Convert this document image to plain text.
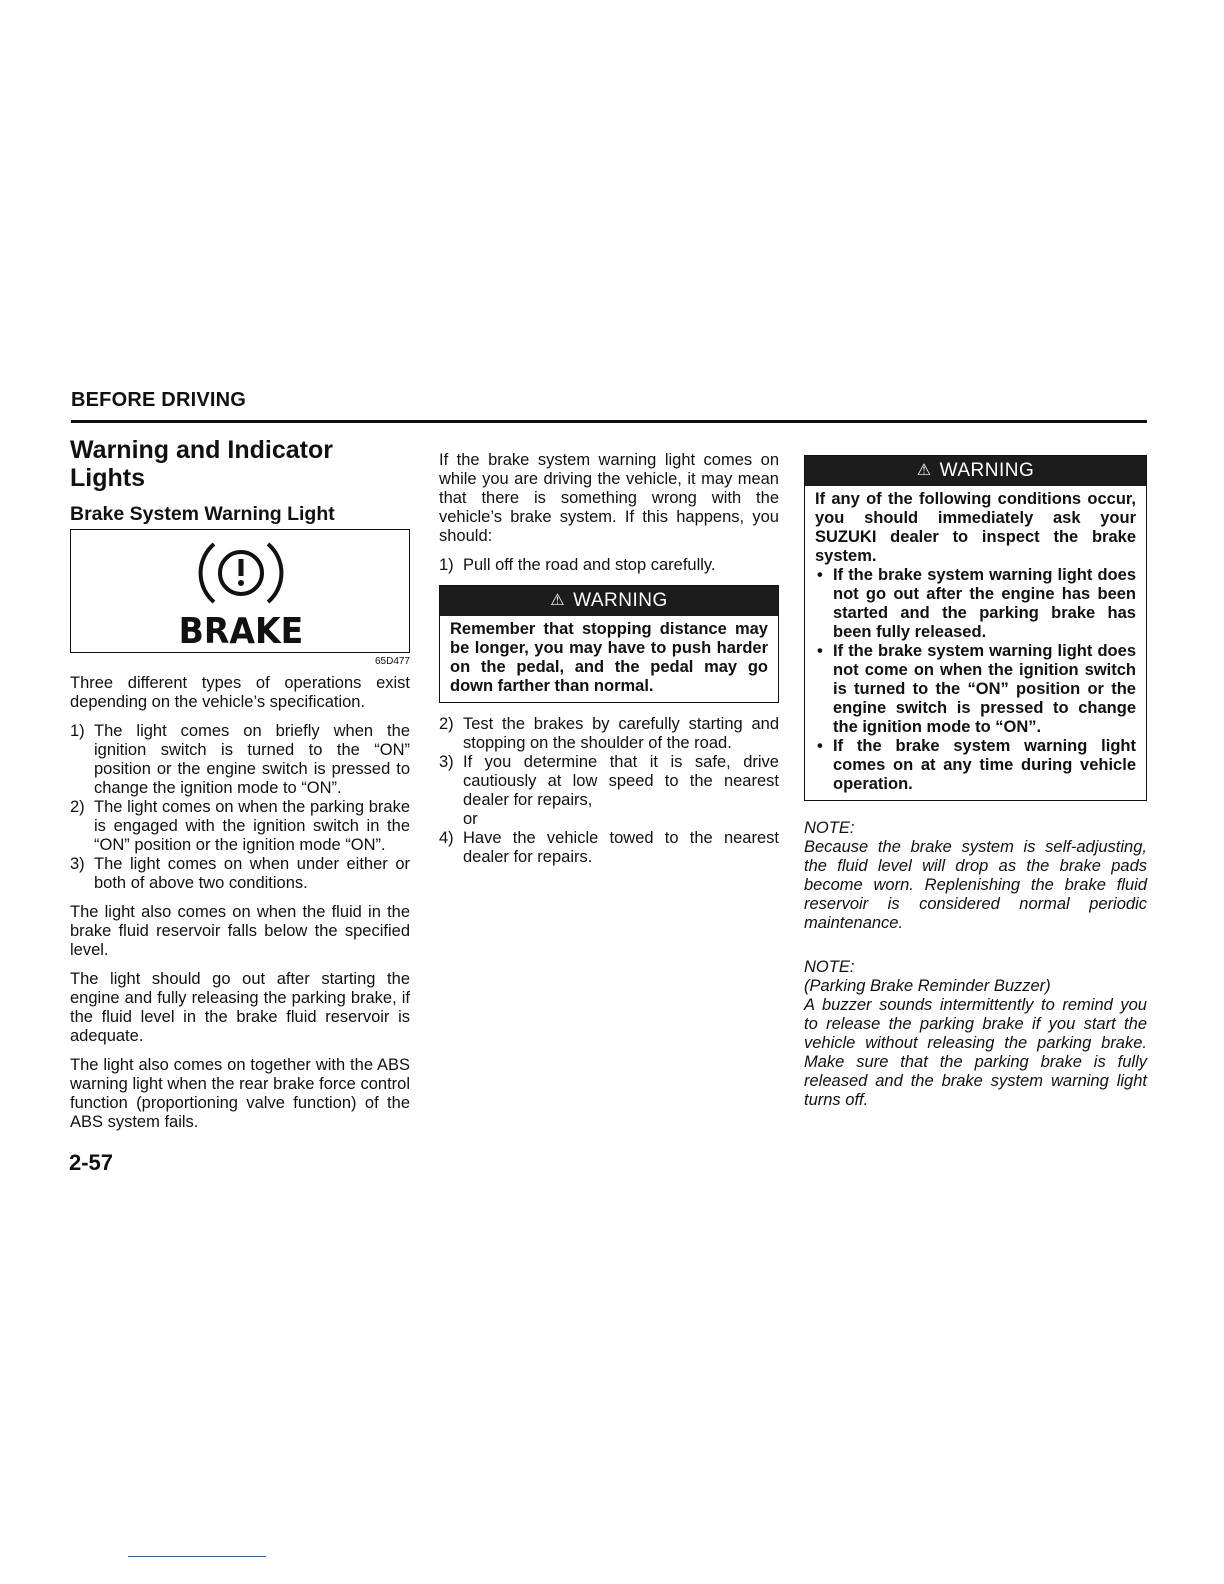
BEFORE DRIVING
Warning and Indicator Lights
Brake System Warning Light
BRAKE
65D477

Three different types of operations exist depending on the vehicle’s specification.

1) The light comes on briefly when the ignition switch is turned to the “ON” position or the engine switch is pressed to change the ignition mode to “ON”.
2) The light comes on when the parking brake is engaged with the ignition switch in the “ON” position or the ignition mode “ON”.
3) The light comes on when under either or both of above two conditions.

The light also comes on when the fluid in the brake fluid reservoir falls below the specified level.

The light should go out after starting the engine and fully releasing the parking brake, if the fluid level in the brake fluid reservoir is adequate.

The light also comes on together with the ABS warning light when the rear brake force control function (proportioning valve function) of the ABS system fails.

If the brake system warning light comes on while you are driving the vehicle, it may mean that there is something wrong with the vehicle’s brake system. If this happens, you should:

1) Pull off the road and stop carefully.
⚠ WARNING
Remember that stopping distance may be longer, you may have to push harder on the pedal, and the pedal may go down farther than normal.
2) Test the brakes by carefully starting and stopping on the shoulder of the road.
3) If you determine that it is safe, drive cautiously at low speed to the nearest dealer for repairs,
or
4) Have the vehicle towed to the nearest dealer for repairs.
⚠ WARNING
If any of the following conditions occur, you should immediately ask your SUZUKI dealer to inspect the brake system.
• If the brake system warning light does not go out after the engine has been started and the parking brake has been fully released.
• If the brake system warning light does not come on when the ignition switch is turned to the “ON” position or the engine switch is pressed to change the ignition mode to “ON”.
• If the brake system warning light comes on at any time during vehicle operation.
NOTE:
Because the brake system is self-adjusting, the fluid level will drop as the brake pads become worn. Replenishing the brake fluid reservoir is considered normal periodic maintenance.
NOTE:
(Parking Brake Reminder Buzzer)
A buzzer sounds intermittently to remind you to release the parking brake if you start the vehicle without releasing the parking brake. Make sure that the parking brake is fully released and the brake system warning light turns off.
2-57
